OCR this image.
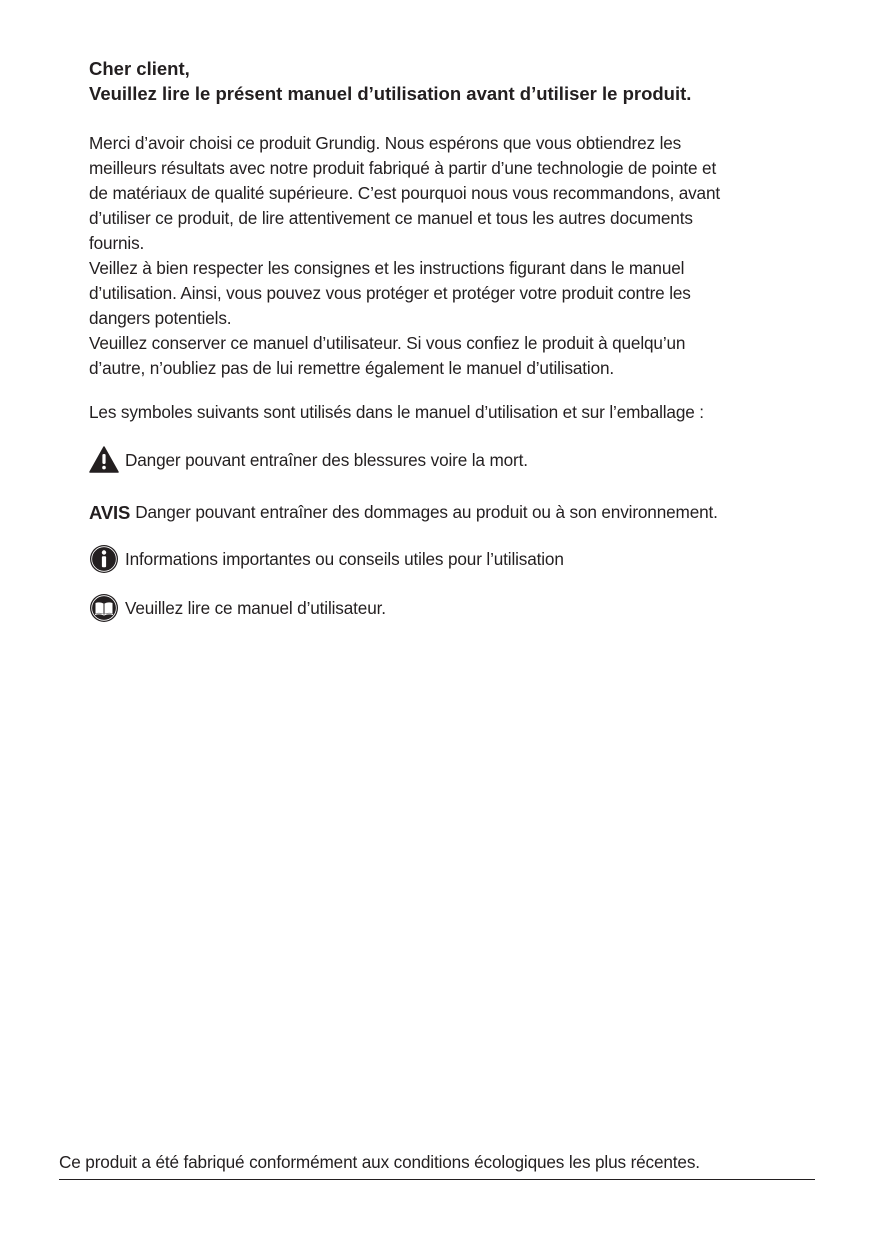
Cher client,
Veuillez lire le présent manuel d’utilisation avant d’utiliser le produit.
Merci d’avoir choisi ce produit Grundig. Nous espérons que vous obtiendrez les
meilleurs résultats avec notre produit fabriqué à partir d’une technologie de pointe et
de matériaux de qualité supérieure. C’est pourquoi nous vous recommandons, avant
d’utiliser ce produit, de lire attentivement ce manuel et tous les autres documents
fournis.
Veillez à bien respecter les consignes et les instructions figurant dans le manuel
d’utilisation. Ainsi, vous pouvez vous protéger et protéger votre produit contre les
dangers potentiels.
Veuillez conserver ce manuel d’utilisateur. Si vous confiez le produit à quelqu’un
d’autre, n’oubliez pas de lui remettre également le manuel d’utilisation.
Les symboles suivants sont utilisés dans le manuel d’utilisation et sur l’emballage :
Danger pouvant entraîner des blessures voire la mort.
AVIS Danger pouvant entraîner des dommages au produit ou à son environnement.
Informations importantes ou conseils utiles pour l’utilisation
Veuillez lire ce manuel d’utilisateur.
Ce produit a été fabriqué conformément aux conditions écologiques les plus récentes.
